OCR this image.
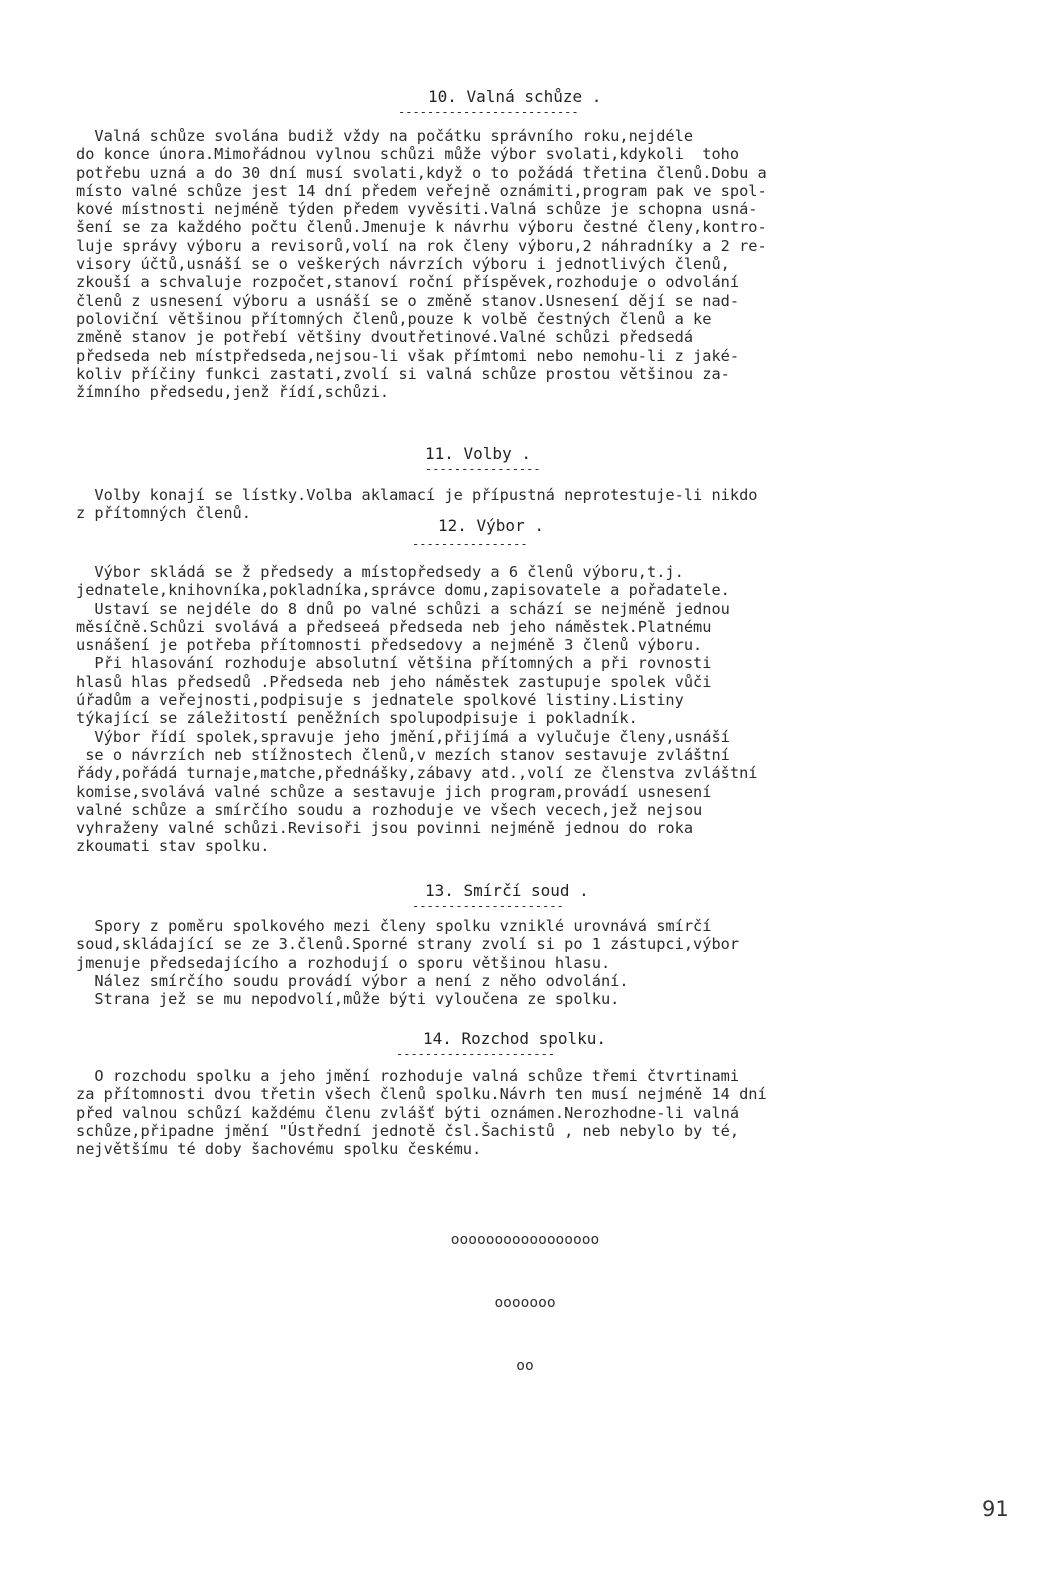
10. Valná schůze .
-------------------------
Valná schůze svolána budiž vždy na počátku správního roku,nejdéle
do konce února.Mimořádnou vylnou schůzi může výbor svolati,kdykoli  toho
potřebu uzná a do 30 dní musí svolati,když o to požádá třetina členů.Dobu a
místo valné schůze jest 14 dní předem veřejně oznámiti,program pak ve spol-
kové místnosti nejméně týden předem vyvěsiti.Valná schůze je schopna usná-
šení se za každého počtu členů.Jmenuje k návrhu výboru čestné členy,kontro-
luje správy výboru a revisorů,volí na rok členy výboru,2 náhradníky a 2 re-
visory účtů,usnáší se o veškerých návrzích výboru i jednotlivých členů,
zkouší a schvaluje rozpočet,stanoví roční příspěvek,rozhoduje o odvolání
členů z usnesení výboru a usnáší se o změně stanov.Usnesení dějí se nad-
poloviční většinou přítomných členů,pouze k volbě čestných členů a ke
změně stanov je potřebí většiny dvoutřetinové.Valné schůzi předsedá
předseda neb místpředseda,nejsou-li však přímtomi nebo nemohu-li z jaké-
koliv příčiny funkci zastati,zvolí si valná schůze prostou většinou za-
žímního předsedu,jenž řídí,schůzi.
11. Volby .
----------------
Volby konají se lístky.Volba aklamací je přípustná neprotestuje-li nikdo
z přítomných členů.
12. Výbor .
----------------
Výbor skládá se ž předsedy a místopředsedy a 6 členů výboru,t.j.
jednatele,knihovníka,pokladníka,správce domu,zapisovatele a pořadatele.
Ustaví se nejdéle do 8 dnů po valné schůzi a schází se nejméně jednou
měsíčně.Schůzi svolává a předseeá předseda neb jeho náměstek.Platnému
usnášení je potřeba přítomnosti předsedovy a nejméně 3 členů výboru.
Při hlasování rozhoduje absolutní většina přítomných a při rovnosti
hlasů hlas předsedů .Předseda neb jeho náměstek zastupuje spolek vůči
úřadům a veřejnosti,podpisuje s jednatele spolkové listiny.Listiny
týkající se záležitostí peněžních spolupodpisuje i pokladník.
Výbor řídí spolek,spravuje jeho jmění,přijímá a vylučuje členy,usnáší
se o návrzích neb stížnostech členů,v mezích stanov sestavuje zvláštní
řády,pořádá turnaje,matche,přednášky,zábavy atd.,volí ze členstva zvláštní
komise,svolává valné schůze a sestavuje jich program,provádí usnesení
valné schůze a smírčího soudu a rozhoduje ve všech vecech,jež nejsou
vyhraženy valné schůzi.Revisoři jsou povinni nejméně jednou do roka
zkoumati stav spolku.
13. Smírčí soud .
---------------------
Spory z poměru spolkového mezi členy spolku vzniklé urovnává smírčí
soud,skládající se ze 3.členů.Sporné strany zvolí si po 1 zástupci,výbor
jmenuje předsedajícího a rozhodují o sporu většinou hlasu.
Nález smírčího soudu provádí výbor a není z něho odvolání.
Strana jež se mu nepodvolí,může býti vyloučena ze spolku.
14. Rozchod spolku.
----------------------
O rozchodu spolku a jeho jmění rozhoduje valná schůze třemi čtvrtinami
za přítomnosti dvou třetin všech členů spolku.Návrh ten musí nejméně 14 dní
před valnou schůzí každému členu zvlášť býti oznámen.Nerozhodne-li valná
schůze,připadne jmění "Ústřední jednotě čsl.Šachistů , neb nebylo by té,
největšímu té doby šachovému spolku českému.

ooooooooooooooooo

ooooooo

oo

91
